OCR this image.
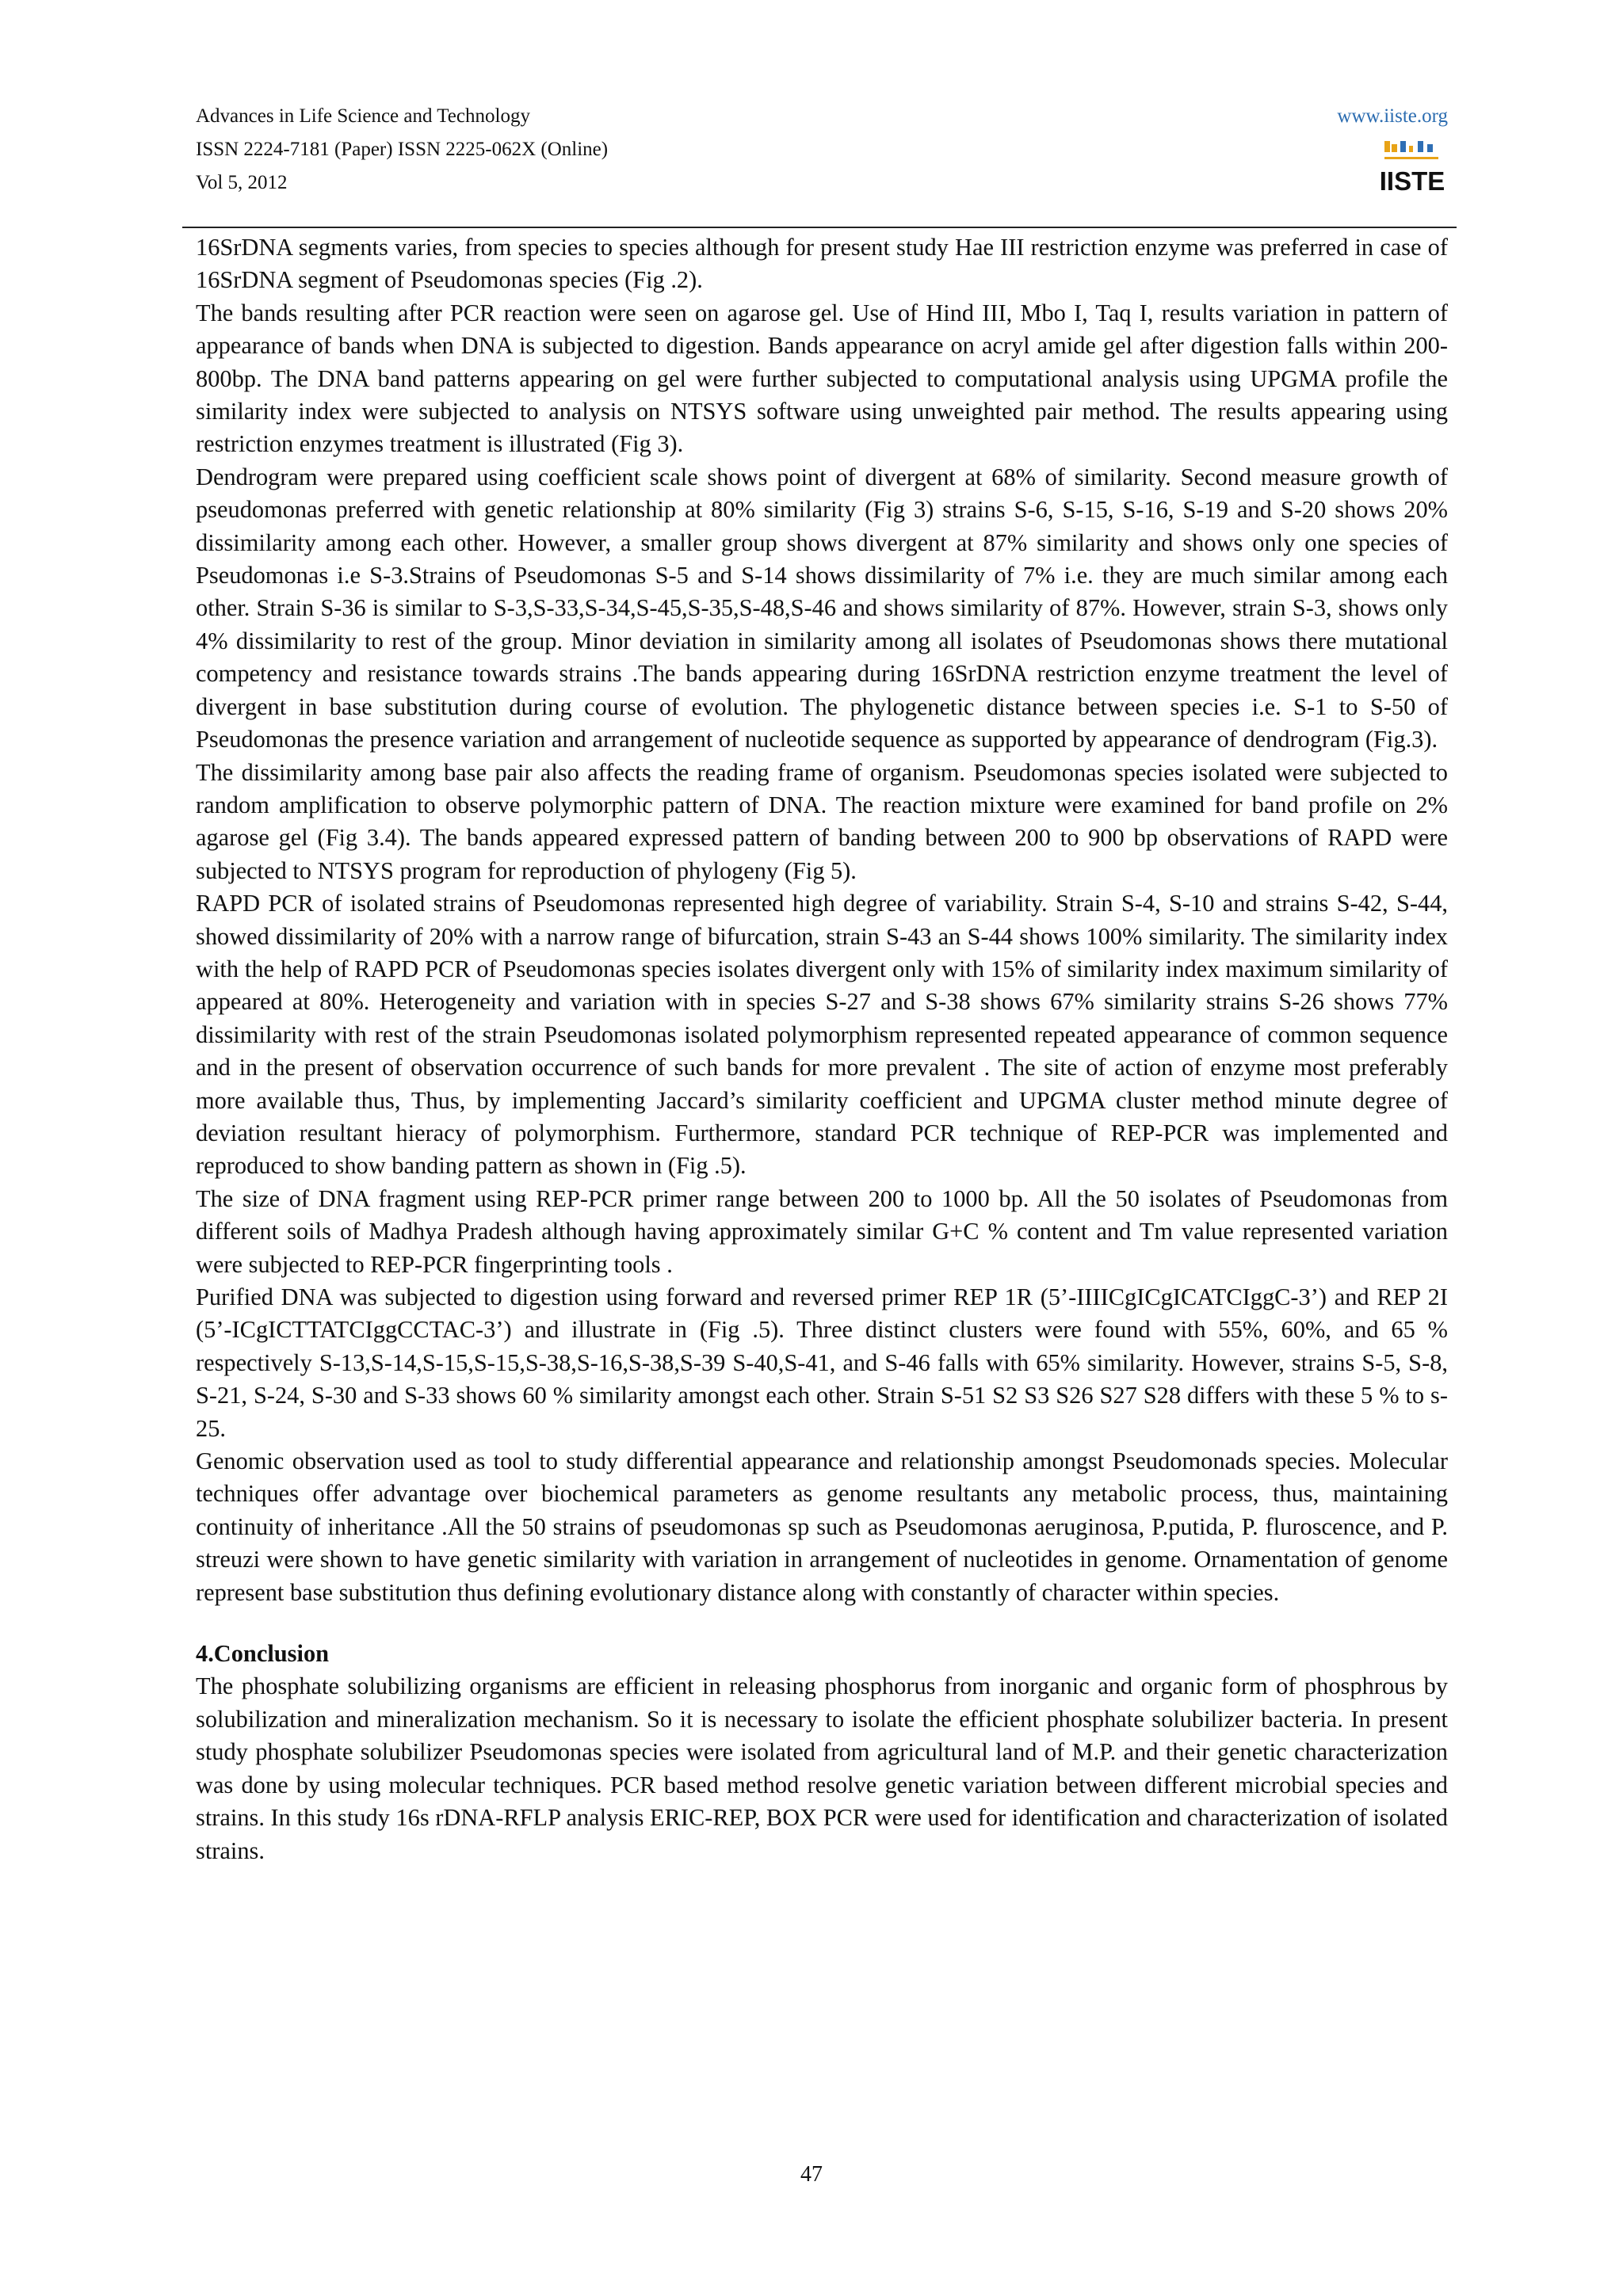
Advances in Life Science and Technology
ISSN 2224-7181 (Paper) ISSN 2225-062X (Online)
Vol 5, 2012
www.iiste.org
IISTE

16SrDNA segments varies, from species to species although for present study Hae III restriction enzyme was preferred in case of 16SrDNA segment of Pseudomonas species (Fig .2).

The bands resulting after PCR reaction were seen on agarose gel. Use of Hind III, Mbo I, Taq I, results variation in pattern of appearance of bands when DNA is subjected to digestion. Bands appearance on acryl amide gel after digestion falls within 200-800bp. The DNA band patterns appearing on gel were further subjected to computational analysis using UPGMA profile the similarity index were subjected to analysis on NTSYS software using unweighted pair method. The results appearing using restriction enzymes treatment is illustrated (Fig 3).

Dendrogram were prepared using coefficient scale shows point of divergent at 68% of similarity. Second measure growth of pseudomonas preferred with genetic relationship at 80% similarity (Fig 3) strains S-6, S-15, S-16, S-19 and S-20 shows 20% dissimilarity among each other. However, a smaller group shows divergent at 87% similarity and shows only one species of Pseudomonas i.e S-3.Strains of Pseudomonas S-5 and S-14 shows dissimilarity of 7% i.e. they are much similar among each other. Strain S-36 is similar to S-3,S-33,S-34,S-45,S-35,S-48,S-46 and shows similarity of 87%. However, strain S-3, shows only 4% dissimilarity to rest of the group. Minor deviation in similarity among all isolates of Pseudomonas shows there mutational competency and resistance towards strains .The bands appearing during 16SrDNA restriction enzyme treatment the level of divergent in base substitution during course of evolution. The phylogenetic distance between species i.e. S-1 to S-50 of Pseudomonas the presence variation and arrangement of nucleotide sequence as supported by appearance of dendrogram (Fig.3).

The dissimilarity among base pair also affects the reading frame of organism. Pseudomonas species isolated were subjected to random amplification to observe polymorphic pattern of DNA. The reaction mixture were examined for band profile on 2% agarose gel (Fig 3.4). The bands appeared expressed pattern of banding between 200 to 900 bp observations of RAPD were subjected to NTSYS program for reproduction of phylogeny (Fig 5).

RAPD PCR of isolated strains of Pseudomonas represented high degree of variability. Strain S-4, S-10 and strains S-42, S-44, showed dissimilarity of 20% with a narrow range of bifurcation, strain S-43 an S-44 shows 100% similarity. The similarity index with the help of RAPD PCR of Pseudomonas species isolates divergent only with 15% of similarity index maximum similarity of appeared at 80%. Heterogeneity and variation with in species S-27 and S-38 shows 67% similarity strains S-26 shows 77% dissimilarity with rest of the strain Pseudomonas isolated polymorphism represented repeated appearance of common sequence and in the present of observation occurrence of such bands for more prevalent . The site of action of enzyme most preferably more available thus, Thus, by implementing Jaccard’s similarity coefficient and UPGMA cluster method minute degree of deviation resultant hieracy of polymorphism. Furthermore, standard PCR technique of REP-PCR was implemented and reproduced to show banding pattern as shown in (Fig .5).

The size of DNA fragment using REP-PCR primer range between 200 to 1000 bp. All the 50 isolates of Pseudomonas from different soils of Madhya Pradesh although having approximately similar G+C % content and Tm value represented variation were subjected to REP-PCR fingerprinting tools .

Purified DNA was subjected to digestion using forward and reversed primer REP 1R (5’-IIIICgICgICATCIggC-3’) and REP 2I (5’-ICgICTTATCIggCCTAC-3’) and illustrate in (Fig .5). Three distinct clusters were found with 55%, 60%, and 65 % respectively S-13,S-14,S-15,S-15,S-38,S-16,S-38,S-39 S-40,S-41, and S-46 falls with 65% similarity. However, strains S-5, S-8, S-21, S-24, S-30 and S-33 shows 60 % similarity amongst each other. Strain S-51 S2 S3 S26 S27 S28 differs with these 5 % to s-25.

Genomic observation used as tool to study differential appearance and relationship amongst Pseudomonads species. Molecular techniques offer advantage over biochemical parameters as genome resultants any metabolic process, thus, maintaining continuity of inheritance .All the 50 strains of pseudomonas sp such as Pseudomonas aeruginosa, P.putida, P. fluroscence, and P. streuzi were shown to have genetic similarity with variation in arrangement of nucleotides in genome. Ornamentation of genome represent base substitution thus defining evolutionary distance along with constantly of character within species.

4.Conclusion

The phosphate solubilizing organisms are efficient in releasing phosphorus from inorganic and organic form of phosphrous by solubilization and mineralization mechanism. So it is necessary to isolate the efficient phosphate solubilizer bacteria. In present study phosphate solubilizer Pseudomonas species were isolated from agricultural land of M.P. and their genetic characterization was done by using molecular techniques. PCR based method resolve genetic variation between different microbial species and strains. In this study 16s rDNA-RFLP analysis ERIC-REP, BOX PCR were used for identification and characterization of isolated strains.

47
